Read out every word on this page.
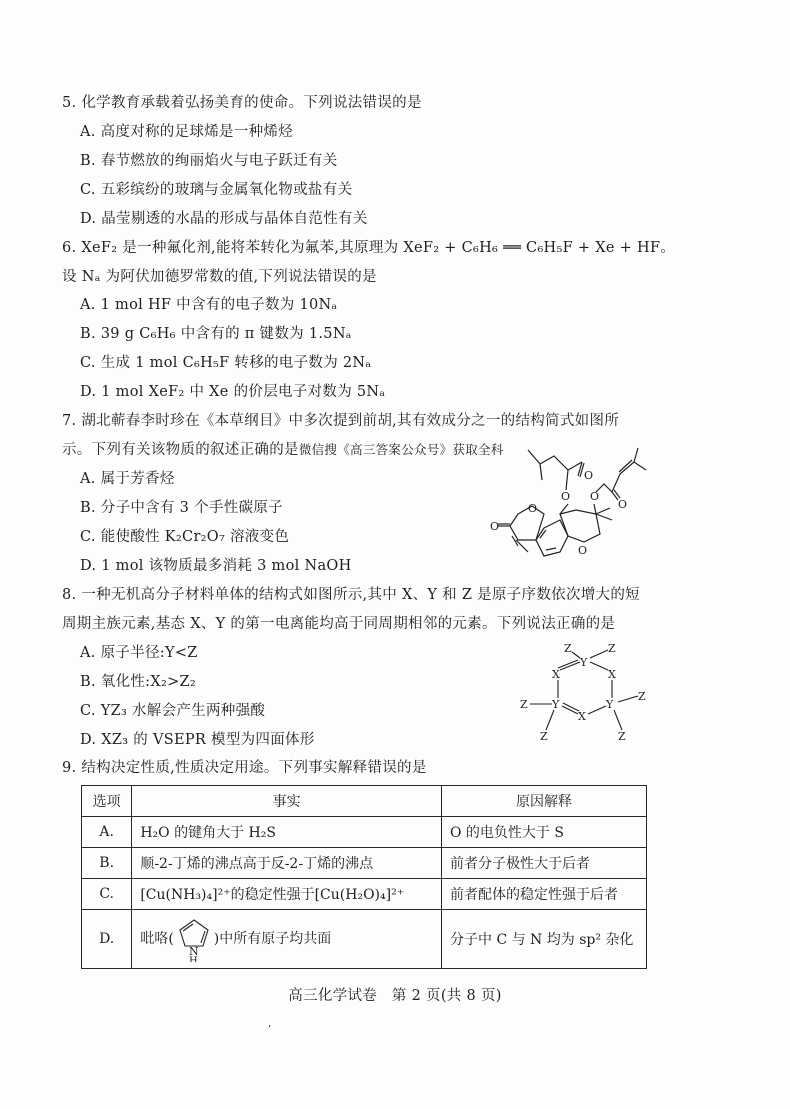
5. 化学教育承载着弘扬美育的使命。下列说法错误的是
A. 高度对称的足球烯是一种烯烃
B. 春节燃放的绚丽焰火与电子跃迁有关
C. 五彩缤纷的玻璃与金属氧化物或盐有关
D. 晶莹剔透的水晶的形成与晶体自范性有关
6. XeF₂ 是一种氟化剂,能将苯转化为氟苯,其原理为 XeF₂ + C₆H₆ ══ C₆H₅F + Xe + HF。
设 Nₐ 为阿伏加德罗常数的值,下列说法错误的是
A. 1 mol HF 中含有的电子数为 10Nₐ
B. 39 g C₆H₆ 中含有的 π 键数为 1.5Nₐ
C. 生成 1 mol C₆H₅F 转移的电子数为 2Nₐ
D. 1 mol XeF₂ 中 Xe 的价层电子对数为 5Nₐ
7. 湖北蕲春李时珍在《本草纲目》中多次提到前胡,其有效成分之一的结构简式如图所
示。下列有关该物质的叙述正确的是微信搜《高三答案公众号》获取全科
A. 属于芳香烃
B. 分子中含有 3 个手性碳原子
C. 能使酸性 K₂Cr₂O₇ 溶液变色
D. 1 mol 该物质最多消耗 3 mol NaOH
O
O
O
O
O
O
O
8. 一种无机高分子材料单体的结构式如图所示,其中 X、Y 和 Z 是原子序数依次增大的短
周期主族元素,基态 X、Y 的第一电离能均高于同周期相邻的元素。下列说法正确的是
A. 原子半径:Y<Z
B. 氧化性:X₂>Z₂
C. YZ₃ 水解会产生两种强酸
D. XZ₃ 的 VSEPR 模型为四面体形
Z	Z
Y
X
X
Y
Y
X
Z
Z
Z	Z
9. 结构决定性质,性质决定用途。下列事实解释错误的是
选项	事实	原因解释
A.	H₂O 的键角大于 H₂S	O 的电负性大于 S
B.	顺-2-丁烯的沸点高于反-2-丁烯的沸点	前者分子极性大于后者
C.	[Cu(NH₃)₄]²⁺的稳定性强于[Cu(H₂O)₄]²⁺	前者配体的稳定性强于后者
D.	吡咯(
N
H
)中所有原子均共面	分子中 C 与 N 均为 sp² 杂化
高三化学试卷　第 2 页(共 8 页)
,
